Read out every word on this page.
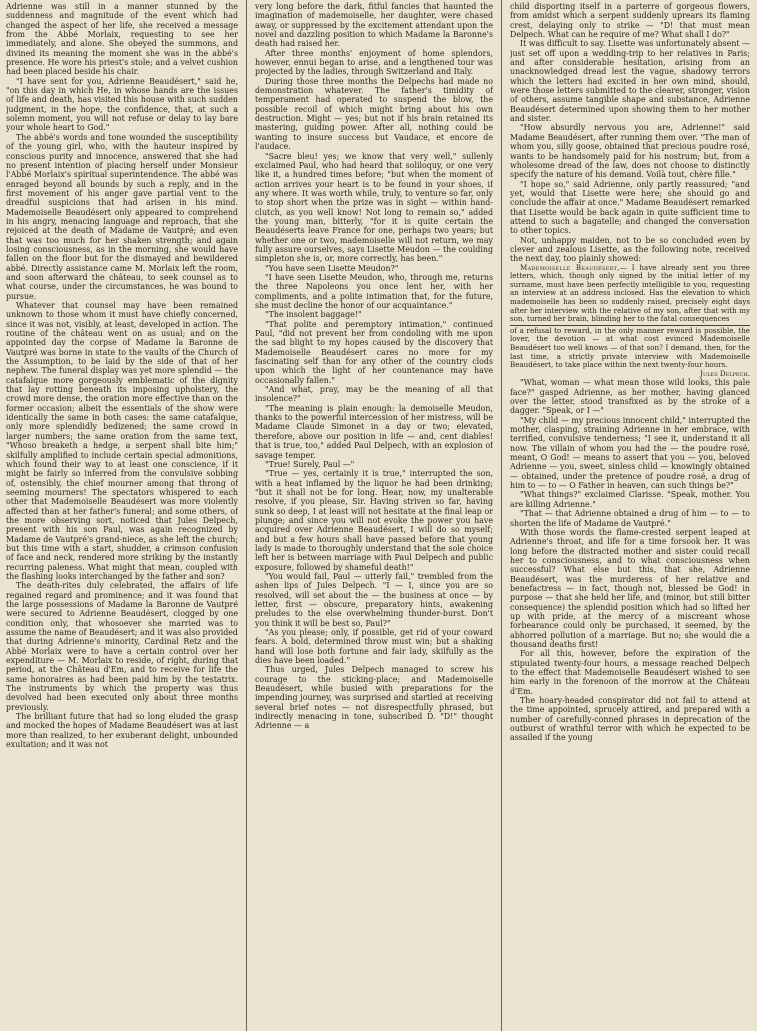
Adrienne was still in a manner stunned by the suddenness and magnitude of the event which had changed the aspect of her life, she received a message from the Abbé Morlaix, requesting to see her immediately, and alone. She obeyed the summons, and divined its meaning the moment she was in the abbé's presence. He wore his priest's stole; and a velvet cushion had been placed beside his chair.

"I have sent for you, Adrienne Beaudésert," said he, "on this day in which He, in whose hands are the issues of life and death, has visited this house with such sudden judgment, in the hope, the confidence, that, at such a solemn moment, you will not refuse or delay to lay bare your whole heart to God."

The abbé's words and tone wounded the susceptibility of the young girl, who, with the hauteur inspired by conscious purity and innocence, answered that she had no present intention of placing herself under Monsieur l'Abbé Morlaix's spiritual superintendence. The abbé was enraged beyond all bounds by such a reply, and in the first movement of his anger gave partial vent to the dreadful suspicions that had arisen in his mind. Mademoiselle Beaudésert only appeared to comprehend in his angry, menacing language and reproach, that she rejoiced at the death of Madame de Vautpré; and even that was too much for her shaken strength; and again losing consciousness, as in the morning, she would have fallen on the floor but for the dismayed and bewildered abbé. Directly assistance came M. Morlaix left the room, and soon afterward the château, to seek counsel as to what course, under the circumstances, he was bound to pursue.

Whatever that counsel may have been remained unknown to those whom it must have chiefly concerned, since it was not, visibly, at least, developed in action. The routine of the château went on as usual; and on the appointed day the corpse of Madame la Baronne de Vautpré was borne in state to the vaults of the Church of the Assumption, to be laid by the side of that of her nephew. The funeral display was yet more splendid — the catafalque more gorgeously emblematic of the dignity that lay rotting beneath its imposing upholstery, the crowd more dense, the oration more effective than on the former occasion; albeit the essentials of the show were identically the same in both cases: the same catafalque, only more splendidly bedizened; the same crowd in larger numbers; the same oration from the same text, "Whoso breaketh a hedge, a serpent shall bite him;" skilfully amplified to include certain special admonitions, which found their way to at least one conscience, if it might be fairly so inferred from the convulsive sobbing of, ostensibly, the chief mourner among that throng of seeming mourners! The spectators whispered to each other that Mademoiselle Beaudésert was more violently affected than at her father's funeral; and some others, of the more observing sort, noticed that Jules Delpech, present with his son Paul, was again recognized by Madame de Vautpré's grand-niece, as she left the church; but this time with a start, shudder, a crimson confusion of face and neck, rendered more striking by the instantly recurring paleness. What might that mean, coupled with the flashing looks interchanged by the father and son?

The death-rites duly celebrated, the affairs of life regained regard and prominence; and it was found that the large possessions of Madame la Baronne de Vautpré were secured to Adrienne Beaudésert, clogged by one condition only, that whosoever she married was to assume the name of Beaudésert; and it was also provided that during Adrienne's minority, Cardinal Retz and the Abbé Morlaix were to have a certain control over her expenditure — M. Morlaix to reside, of right, during that period, at the Château d'Em, and to receive for life the same honoraires as had been paid him by the testatrix. The instruments by which the property was thus devolved had been executed only about three months previously.

The brilliant future that had so long eluded the grasp and mocked the hopes of Madame Beaudésert was at last more than realized, to her exuberant delight, unbounded exultation; and it was not

very long before the dark, fitful fancies that haunted the imagination of mademoiselle, her daughter, were chased away, or suppressed by the excitement attendant upon the novel and dazzling position to which Madame la Baronne's death had raised her.

After three months' enjoyment of home splendors, however, ennui began to arise, and a lengthened tour was projected by the ladies, through Switzerland and Italy.

During those three months the Delpechs had made no demonstration whatever. The father's timidity of temperament had operated to suspend the blow, the possible recoil of which might bring about his own destruction. Might — yes; but not if his brain retained its mastering, guiding power. After all, nothing could be wanting to insure success but Vaudace, et encore de l'audace.

"Sacre bleu! yes; we know that very well," sullenly exclaimed Paul, who had heard that soliloquy, or one very like it, a hundred times before; "but when the moment of action arrives your heart is to be found in your shoes, if any where. It was worth while, truly, to venture so far, only to stop short when the prize was in sight — within hand-clutch, as you well know! Not long to remain so," added the young man, bitterly, "for it is quite certain the Beaudéserts leave France for one, perhaps two years; but whether one or two, mademoiselle will not return, we may fully assure ourselves, says Lisette Meudon — the coulding simpleton she is, or, more correctly, has been."

"You have seen Lisette Meudon?"

"I have seen Lisette Meudon, who, through me, returns the three Napoleons you once lent her, with her compliments, and a polite intimation that, for the future, she must decline the honor of our acquaintance."

"The insolent baggage!"

"That polite and peremptory intimation," continued Paul, "did not prevent her from condoling with me upon the sad blight to my hopes caused by the discovery that Mademoiselle Beaudésert cares no more for my fascinating self than for any other of the country clods upon which the light of her countenance may have occasionally fallen."

"And what, pray, may be the meaning of all that insolence?"

"The meaning is plain enough: la demoiselle Meudon, thanks to the powerful intercession of her mistress, will be Madame Claude Simonet in a day or two; elevated, therefore, above our position in life — and, cent diables! that is true, too," added Paul Delpech, with an explosion of savage temper.

"True! Surely, Paul —"

"True — yes, certainly it is true," interrupted the son, with a heat inflamed by the liquor he had been drinking; "but it shall not be for long. Hear, now, my unalterable resolve, if you please, Sir. Having striven so far, having sunk so deep, I at least will not hesitate at the final leap or plunge; and since you will not evoke the power you have acquired over Adrienne Beaudésert, I will do so myself; and but a few hours shall have passed before that young lady is made to thoroughly understand that the sole choice left her is between marriage with Paul Delpech and public exposure, followed by shameful death!"

"You would fail, Paul — utterly fail," trembled from the ashen lips of Jules Delpech. "I — I, since you are so resolved, will set about the — the business at once — by letter, first — obscure, preparatory hints, awakening preludes to the else overwhelming thunder-burst. Don't you think it will be best so, Paul?"

"As you please; only, if possible, get rid of your coward fears. A bold, determined throw must win; but a shaking hand will lose both fortune and fair lady, skilfully as the dies have been loaded."

Thus urged, Jules Delpech managed to screw his courage to the sticking-place; and Mademoiselle Beaudésert, while busied with preparations for the impending journey, was surprised and startled at receiving several brief notes — not disrespectfully phrased, but indirectly menacing in tone, subscribed D. "D!" thought Adrienne — a

child disporting itself in a parterre of gorgeous flowers, from amidst which a serpent suddenly uprears its flaming crest, delaying only to strike — "D! that must mean Delpech. What can he require of me? What shall I do?"

It was difficult to say. Lisette was unfortunately absent — just set off upon a wedding-trip to her relatives in Paris; and after considerable hesitation, arising from an unacknowledged dread lest the vague, shadowy terrors which the letters had excited in her own mind, should, were those letters submitted to the clearer, stronger, vision of others, assume tangible shape and substance, Adrienne Beaudésert determined upon showing them to her mother and sister.

"How absurdly nervous you are, Adrienne!" said Madame Beaudésert, after running them over. "The man of whom you, silly goose, obtained that precious poudre rosé, wants to be handsomely paid for his nostrum; but, from a wholesome dread of the law, does not choose to distinctly specify the nature of his demand. Voilà tout, chère fille."

"I hope so," said Adrienne, only partly reassured; "and yet, would that Lisette were here; she should go and conclude the affair at once." Madame Beaudésert remarked that Lisette would be back again in quite sufficient time to attend to such a bagatelle; and changed the conversation to other topics.

Not, unhappy maiden, not to be so concluded even by clever and zealous Lisette, as the following note, received the next day, too plainly showed:

Mademoiselle Beaudésert,— I have already sent you three letters, which, though only signed by the initial letter of my surname, must have been perfectly intelligible to you, requesting an interview at an address inclosed. Has the elevation to which mademoiselle has been so suddenly raised, precisely eight days after her interview with the relative of my son, after that with my son, turned her brain, blinding her to the fatal consequences

of a refusal to reward, in the only manner reward is possible, the lover, the devotion — at what cost evinced Mademoiselle Beaudésert too well knows — of that son? I demand, then, for the last time, a strictly private interview with Mademoiselle Beaudésert, to take place within the next twenty-four hours.

Jules Delpech.

"What, woman — what mean those wild looks, this pale face?" gasped Adrienne, as her mother, having glanced over the letter, stood transfixed as by the stroke of a dagger. "Speak, or I —"

"My child — my precious innocent child," interrupted the mother, clasping, straining Adrienne in her embrace, with terrified, convulsive tenderness; "I see it, understand it all now. The villain of whom you had the — the poudre rosé, meant, O God! — means to assert that you — you, beloved Adrienne — you, sweet, sinless child — knowingly obtained — obtained, under the pretence of poudre rosé, a drug of him to — to — O Father in heaven, can such things be?"

"What things?" exclaimed Clarisse. "Speak, mother. You are killing Adrienne."

"That — that Adrienne obtained a drug of him — to — to shorten the life of Madame de Vautpré."

With those words the flame-crested serpent leaped at Adrienne's throat, and life for a time forsook her. It was long before the distracted mother and sister could recall her to consciousness, and to what consciousness when successful? What else but this, that she, Adrienne Beaudésert, was the murderess of her relative and benefactress — in fact, though not, blessed be God! in purpose — that she held her life, and (minor, but still bitter consequence) the splendid position which had so lifted her up with pride, at the mercy of a miscreant whose forbearance could only be purchased, it seemed, by the abhorred pollution of a marriage. But no; she would die a thousand deaths first!

For all this, however, before the expiration of the stipulated twenty-four hours, a message reached Delpech to the effect that Mademoiselle Beaudésert wished to see him early in the forenoon of the morrow at the Château d'Em.

The hoary-headed conspirator did not fail to attend at the time appointed, sprucely attired, and prepared with a number of carefully-conned phrases in deprecation of the outburst of wrathful terror with which he expected to be assailed if the young
